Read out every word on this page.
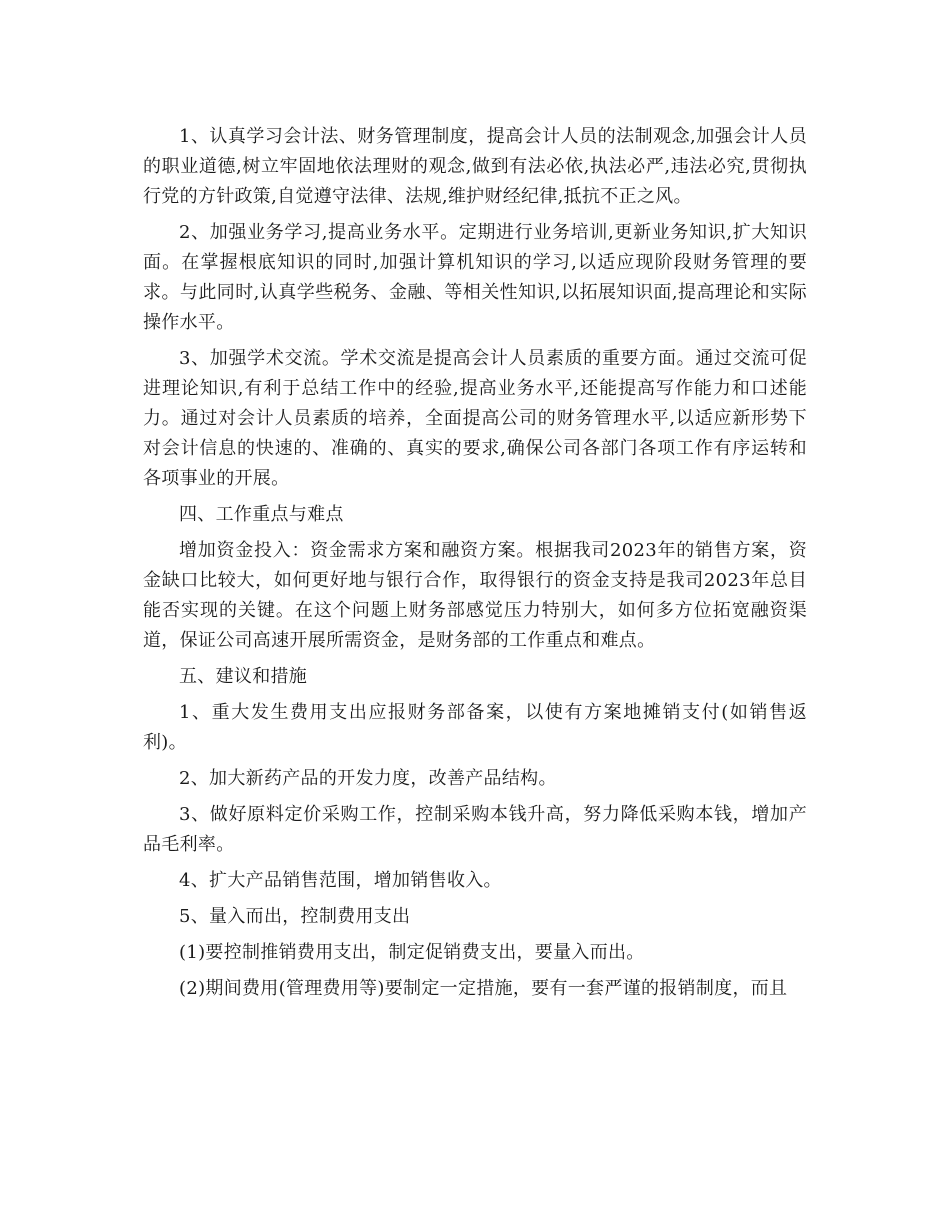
1、认真学习会计法、财务管理制度，提高会计人员的法制观念,加强会计人员的职业道德,树立牢固地依法理财的观念,做到有法必依,执法必严,违法必究,贯彻执行党的方针政策,自觉遵守法律、法规,维护财经纪律,抵抗不正之风。

2、加强业务学习,提高业务水平。定期进行业务培训,更新业务知识,扩大知识面。在掌握根底知识的同时,加强计算机知识的学习,以适应现阶段财务管理的要求。与此同时,认真学些税务、金融、等相关性知识,以拓展知识面,提高理论和实际操作水平。

3、加强学术交流。学术交流是提高会计人员素质的重要方面。通过交流可促进理论知识,有利于总结工作中的经验,提高业务水平,还能提高写作能力和口述能力。通过对会计人员素质的培养，全面提高公司的财务管理水平,以适应新形势下对会计信息的快速的、准确的、真实的要求,确保公司各部门各项工作有序运转和各项事业的开展。

四、工作重点与难点

增加资金投入：资金需求方案和融资方案。根据我司2023年的销售方案，资金缺口比较大，如何更好地与银行合作，取得银行的资金支持是我司2023年总目能否实现的关键。在这个问题上财务部感觉压力特别大，如何多方位拓宽融资渠道，保证公司高速开展所需资金，是财务部的工作重点和难点。

五、建议和措施

1、重大发生费用支出应报财务部备案，以使有方案地摊销支付(如销售返利)。

2、加大新药产品的开发力度，改善产品结构。

3、做好原料定价采购工作，控制采购本钱升高，努力降低采购本钱，增加产品毛利率。

4、扩大产品销售范围，增加销售收入。

5、量入而出，控制费用支出

(1)要控制推销费用支出，制定促销费支出，要量入而出。

(2)期间费用(管理费用等)要制定一定措施，要有一套严谨的报销制度，而且
